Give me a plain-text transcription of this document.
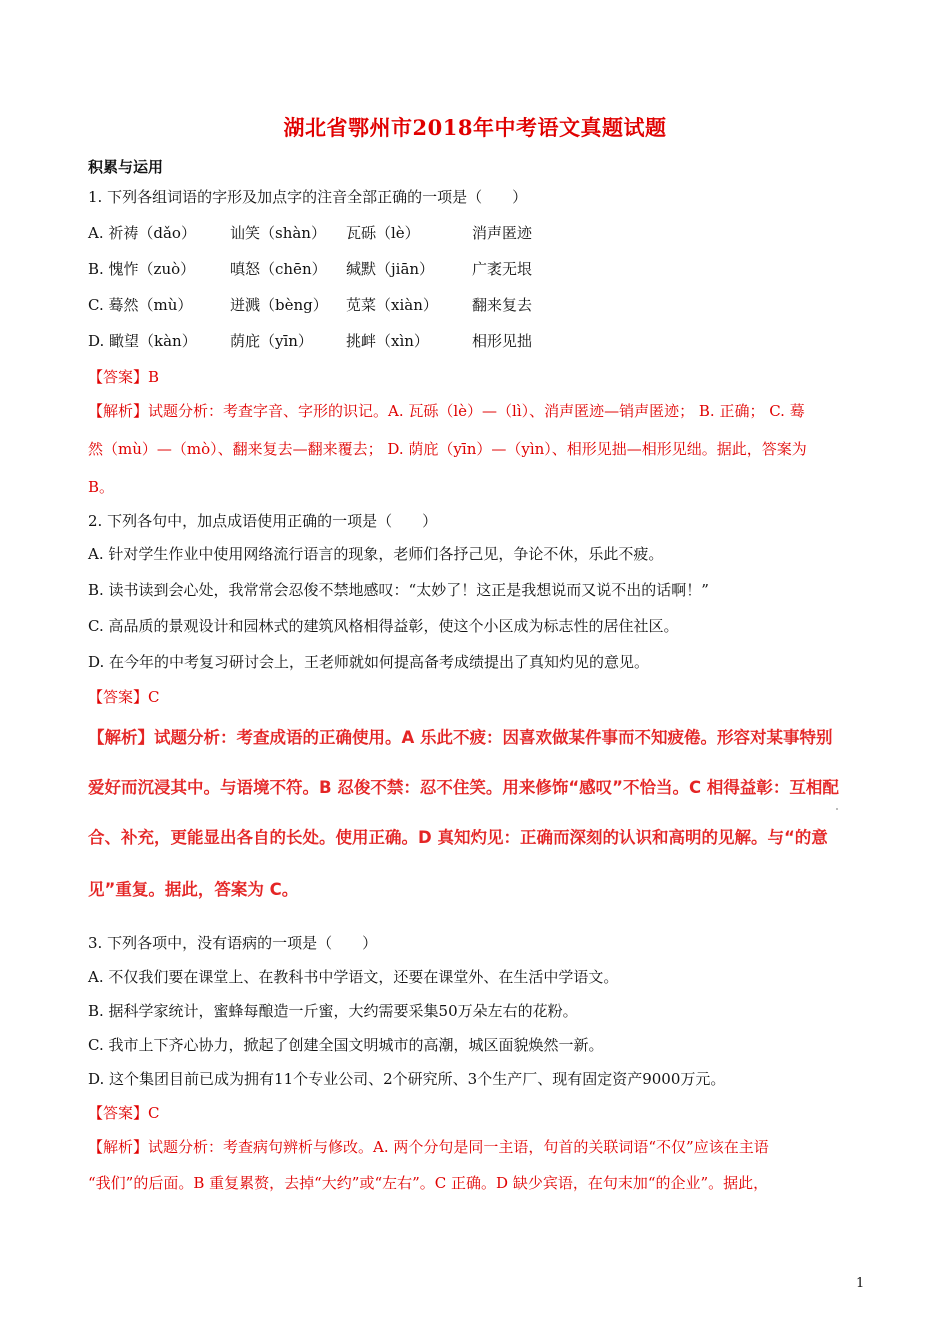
湖北省鄂州市2018年中考语文真题试题
积累与运用
1. 下列各组词语的字形及加点字的注音全部正确的一项是（　　）
A. 祈祷（dǎo） 讪笑（shàn） 瓦砾（lè）	消声匿迹
B. 愧怍（zuò） 嗔怒（chēn） 缄默（jiān）	广袤无垠
C. 蓦然（mù）	迸溅（bèng） 苋菜（xiàn） 翻来复去
D. 瞰望（kàn） 荫庇（yīn） 挑衅（xìn）	相形见拙
【答案】B
【解析】试题分析：考查字音、字形的识记。A. 瓦砾（lè）—（lì）、消声匿迹—销声匿迹； B. 正确； C. 蓦
然（mù）—（mò）、翻来复去—翻来覆去； D. 荫庇（yīn）—（yìn）、相形见拙—相形见绌。据此，答案为
B。
2. 下列各句中，加点成语使用正确的一项是（　　）
A. 针对学生作业中使用网络流行语言的现象，老师们各抒己见，争论不休，乐此不疲。
B. 读书读到会心处，我常常会忍俊不禁地感叹：“太妙了！这正是我想说而又说不出的话啊！”
C. 高品质的景观设计和园林式的建筑风格相得益彰，使这个小区成为标志性的居住社区。
D. 在今年的中考复习研讨会上，王老师就如何提高备考成绩提出了真知灼见的意见。
【答案】C
【解析】试题分析：考查成语的正确使用。A 乐此不疲：因喜欢做某件事而不知疲倦。形容对某事特别
爱好而沉浸其中。与语境不符。B 忍俊不禁：忍不住笑。用来修饰“感叹”不恰当。C 相得益彰：互相配
合、补充，更能显出各自的长处。使用正确。D 真知灼见：正确而深刻的认识和高明的见解。与“的意
见”重复。据此，答案为 C。
3. 下列各项中，没有语病的一项是（　　）
A. 不仅我们要在课堂上、在教科书中学语文，还要在课堂外、在生活中学语文。
B. 据科学家统计，蜜蜂每酿造一斤蜜，大约需要采集50万朵左右的花粉。
C. 我市上下齐心协力，掀起了创建全国文明城市的高潮，城区面貌焕然一新。
D. 这个集团目前已成为拥有11个专业公司、2个研究所、3个生产厂、现有固定资产9000万元。
【答案】C
【解析】试题分析：考查病句辨析与修改。A. 两个分句是同一主语，句首的关联词语“不仅”应该在主语
“我们”的后面。B 重复累赘，去掉“大约”或“左右”。C 正确。D 缺少宾语，在句末加“的企业”。据此，
1
